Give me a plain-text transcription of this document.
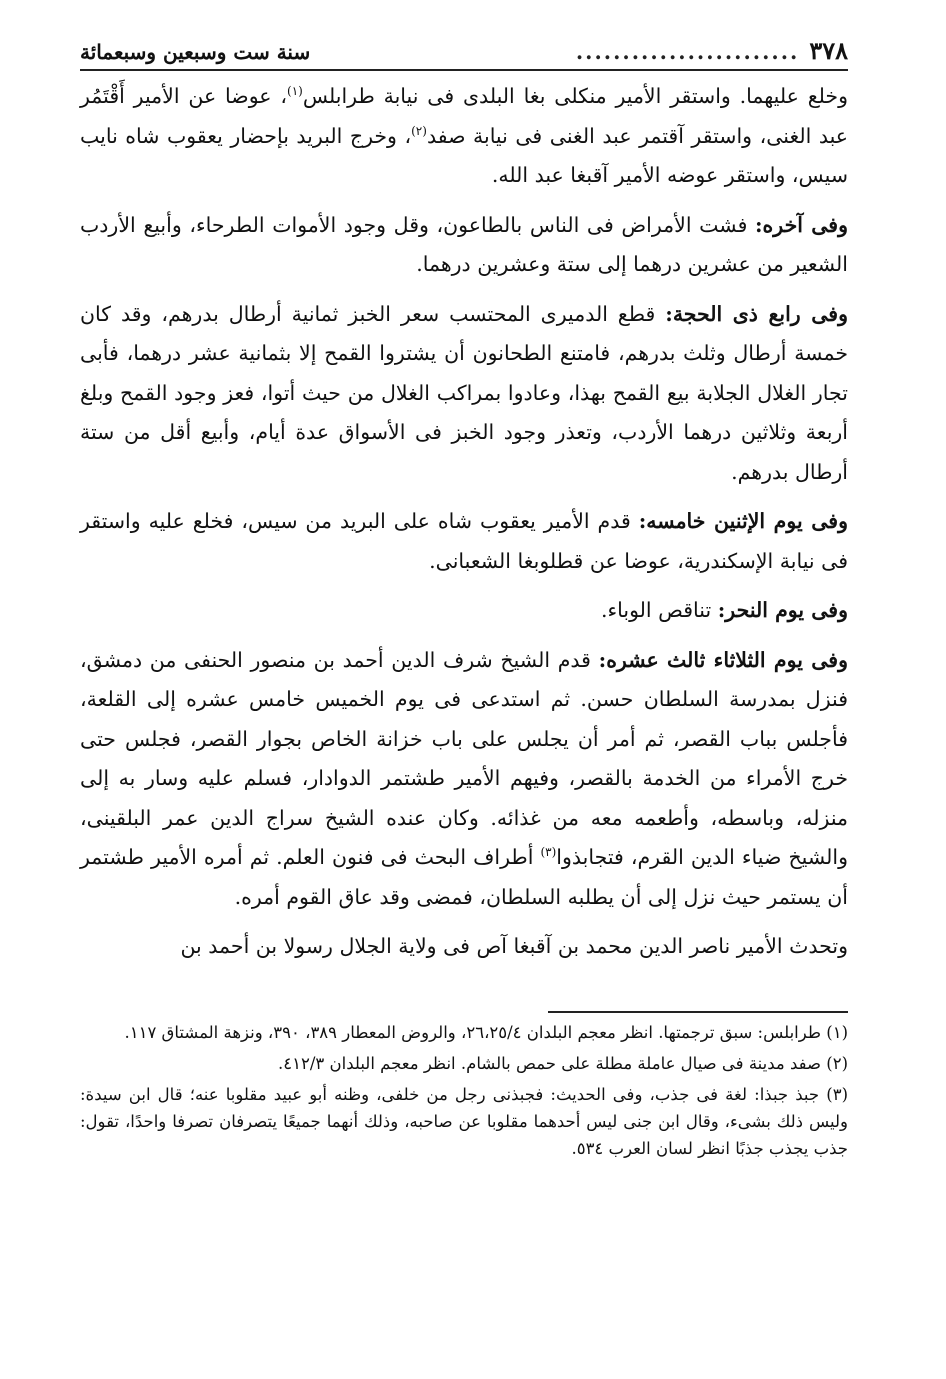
٣٧٨
........................
سنة ست وسبعين وسبعمائة

وخلع عليهما. واستقر الأمير منكلى بغا البلدى فى نيابة طرابلس$^{(١)}$، عوضا عن الأمير أَقْتَمُر عبد الغنى، واستقر آقتمر عبد الغنى فى نيابة صفد$^{(٢)}$، وخرج البريد بإحضار يعقوب شاه نايب سيس، واستقر عوضه الأمير آقبغا عبد الله.

وفى آخره: فشت الأمراض فى الناس بالطاعون، وقل وجود الأموات الطرحاء، وأبيع الأردب الشعير من عشرين درهما إلى ستة وعشرين درهما.

وفى رابع ذى الحجة: قطع الدميرى المحتسب سعر الخبز ثمانية أرطال بدرهم، وقد كان خمسة أرطال وثلث بدرهم، فامتنع الطحانون أن يشتروا القمح إلا بثمانية عشر درهما، فأبى تجار الغلال الجلابة بيع القمح بهذا، وعادوا بمراكب الغلال من حيث أتوا، فعز وجود القمح وبلغ أربعة وثلاثين درهما الأردب، وتعذر وجود الخبز فى الأسواق عدة أيام، وأبيع أقل من ستة أرطال بدرهم.

وفى يوم الإثنين خامسه: قدم الأمير يعقوب شاه على البريد من سيس، فخلع عليه واستقر فى نيابة الإسكندرية، عوضا عن قطلوبغا الشعبانى.

وفى يوم النحر: تناقص الوباء.

وفى يوم الثلاثاء ثالث عشره: قدم الشيخ شرف الدين أحمد بن منصور الحنفى من دمشق، فنزل بمدرسة السلطان حسن. ثم استدعى فى يوم الخميس خامس عشره إلى القلعة، فأجلس بباب القصر، ثم أمر أن يجلس على باب خزانة الخاص بجوار القصر، فجلس حتى خرج الأمراء من الخدمة بالقصر، وفيهم الأمير طشتمر الدوادار، فسلم عليه وسار به إلى منزله، وباسطه، وأطعمه معه من غذائه. وكان عنده الشيخ سراج الدين عمر البلقينى، والشيخ ضياء الدين القرم، فتجابذوا$^{(٣)}$ أطراف البحث فى فنون العلم. ثم أمره الأمير طشتمر أن يستمر حيث نزل إلى أن يطلبه السلطان، فمضى وقد عاق القوم أمره.

وتحدث الأمير ناصر الدين محمد بن آقبغا آص فى ولاية الجلال رسولا بن أحمد بن

(١) طرابلس: سبق ترجمتها. انظر معجم البلدان ٢٦،٢٥/٤، والروض المعطار ٣٨٩، ٣٩٠، ونزهة المشتاق ١١٧.

(٢) صفد مدينة فى صيال عاملة مطلة على حمص بالشام. انظر معجم البلدان ٤١٢/٣.

(٣) جبذ جبذا: لغة فى جذب، وفى الحديث: فجبذنى رجل من خلفى، وظنه أبو عبيد مقلوبا عنه؛ قال ابن سيدة: وليس ذلك بشىء، وقال ابن جنى ليس أحدهما مقلوبا عن صاحبه، وذلك أنهما جميعًا يتصرفان تصرفا واحدًا، تقول: جذب يجذب جذبًا انظر لسان العرب ٥٣٤.
